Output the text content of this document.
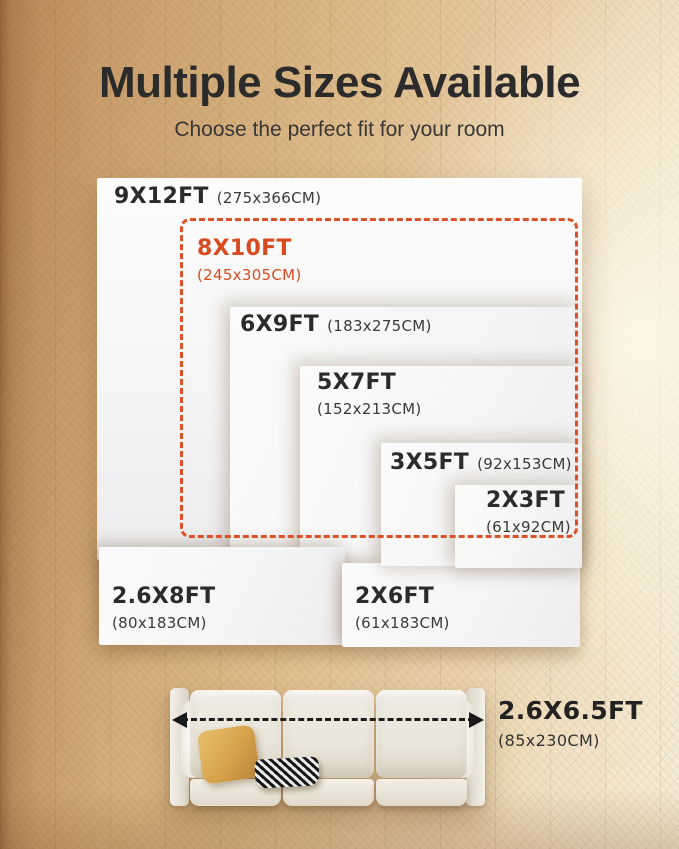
Multiple Sizes Available

Choose the perfect fit for your room

9X12FT (275x366CM)
8X10FT
(245x305CM)
6X9FT (183x275CM)
5X7FT
(152x213CM)
3X5FT (92x153CM)
2X3FT
(61x92CM)
2.6X8FT
(80x183CM)
2X6FT
(61x183CM)
2.6X6.5FT
(85x230CM)
